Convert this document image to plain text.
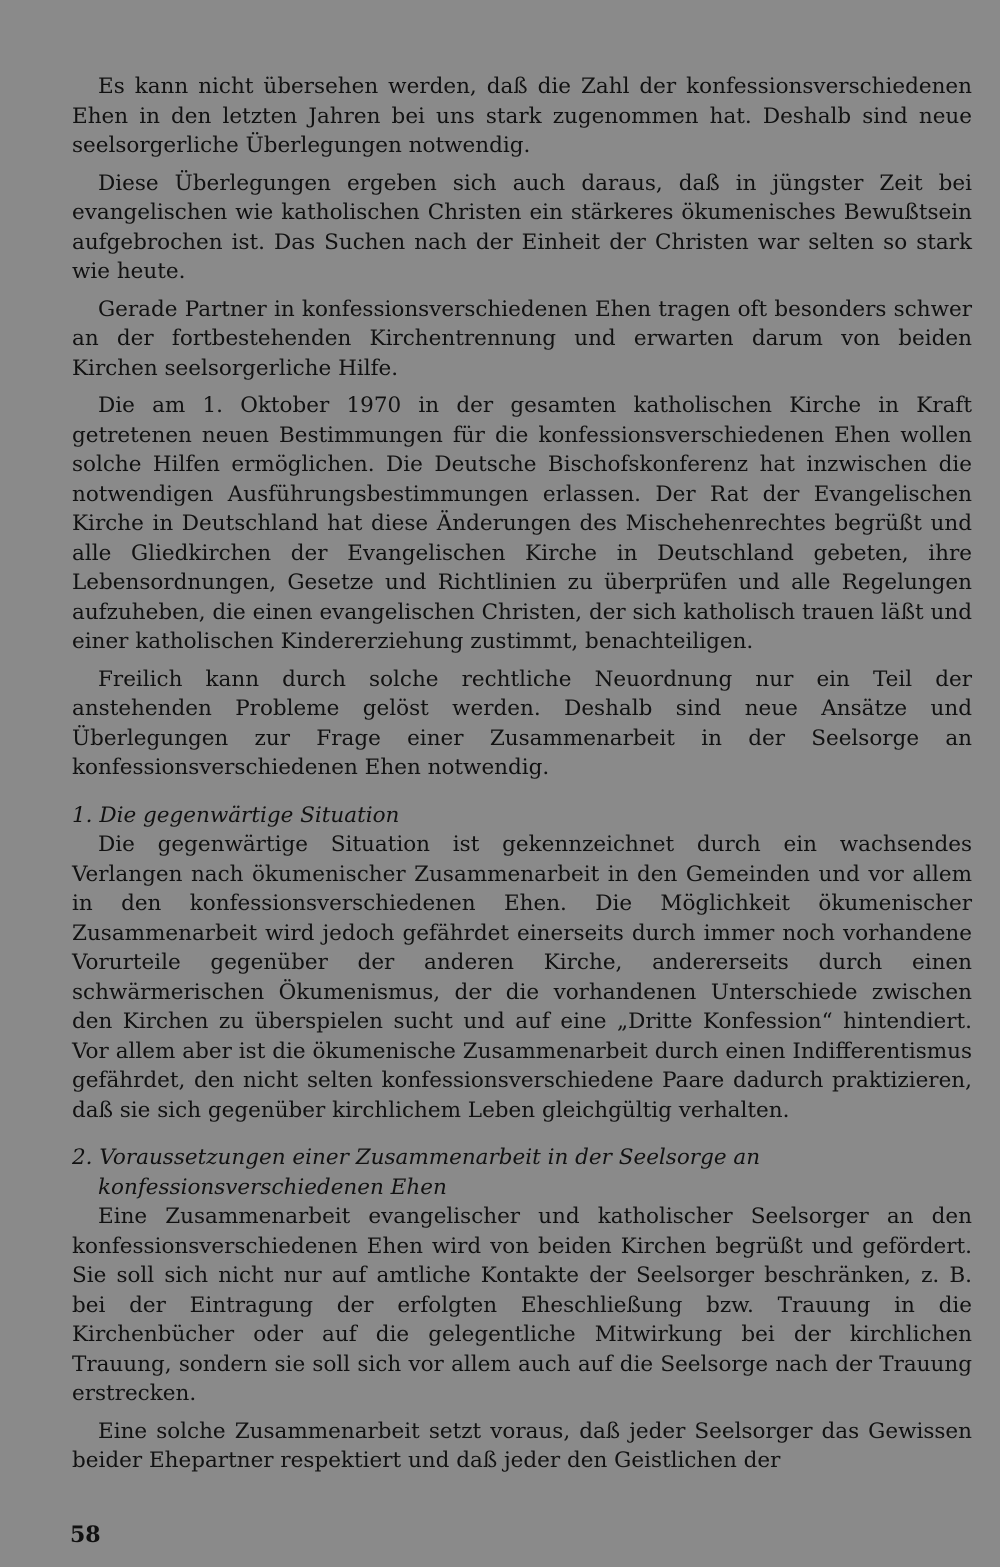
Es kann nicht übersehen werden, daß die Zahl der konfessionsverschiedenen Ehen in den letzten Jahren bei uns stark zugenommen hat. Deshalb sind neue seelsorgerliche Überlegungen notwendig.

Diese Überlegungen ergeben sich auch daraus, daß in jüngster Zeit bei evangelischen wie katholischen Christen ein stärkeres ökumenisches Bewußtsein aufgebrochen ist. Das Suchen nach der Einheit der Christen war selten so stark wie heute.

Gerade Partner in konfessionsverschiedenen Ehen tragen oft besonders schwer an der fortbestehenden Kirchentrennung und erwarten darum von beiden Kirchen seelsorgerliche Hilfe.

Die am 1. Oktober 1970 in der gesamten katholischen Kirche in Kraft getretenen neuen Bestimmungen für die konfessionsverschiedenen Ehen wollen solche Hilfen ermöglichen. Die Deutsche Bischofskonferenz hat inzwischen die notwendigen Ausführungsbestimmungen erlassen. Der Rat der Evangelischen Kirche in Deutschland hat diese Änderungen des Mischehenrechtes begrüßt und alle Gliedkirchen der Evangelischen Kirche in Deutschland gebeten, ihre Lebensordnungen, Gesetze und Richtlinien zu überprüfen und alle Regelungen aufzuheben, die einen evangelischen Christen, der sich katholisch trauen läßt und einer katholischen Kindererziehung zustimmt, benachteiligen.

Freilich kann durch solche rechtliche Neuordnung nur ein Teil der anstehenden Probleme gelöst werden. Deshalb sind neue Ansätze und Überlegungen zur Frage einer Zusammenarbeit in der Seelsorge an konfessionsverschiedenen Ehen notwendig.

1. Die gegenwärtige Situation

Die gegenwärtige Situation ist gekennzeichnet durch ein wachsendes Verlangen nach ökumenischer Zusammenarbeit in den Gemeinden und vor allem in den konfessionsverschiedenen Ehen. Die Möglichkeit ökumenischer Zusammenarbeit wird jedoch gefährdet einerseits durch immer noch vorhandene Vorurteile gegenüber der anderen Kirche, andererseits durch einen schwärmerischen Ökumenismus, der die vorhandenen Unterschiede zwischen den Kirchen zu überspielen sucht und auf eine „Dritte Konfession“ hintendiert. Vor allem aber ist die ökumenische Zusammenarbeit durch einen Indifferentismus gefährdet, den nicht selten konfessionsverschiedene Paare dadurch praktizieren, daß sie sich gegenüber kirchlichem Leben gleichgültig verhalten.

2. Voraussetzungen einer Zusammenarbeit in der Seelsorge an konfessionsverschiedenen Ehen

Eine Zusammenarbeit evangelischer und katholischer Seelsorger an den konfessionsverschiedenen Ehen wird von beiden Kirchen begrüßt und gefördert. Sie soll sich nicht nur auf amtliche Kontakte der Seelsorger beschränken, z. B. bei der Eintragung der erfolgten Eheschließung bzw. Trauung in die Kirchenbücher oder auf die gelegentliche Mitwirkung bei der kirchlichen Trauung, sondern sie soll sich vor allem auch auf die Seelsorge nach der Trauung erstrecken.

Eine solche Zusammenarbeit setzt voraus, daß jeder Seelsorger das Gewissen beider Ehepartner respektiert und daß jeder den Geistlichen der

58
